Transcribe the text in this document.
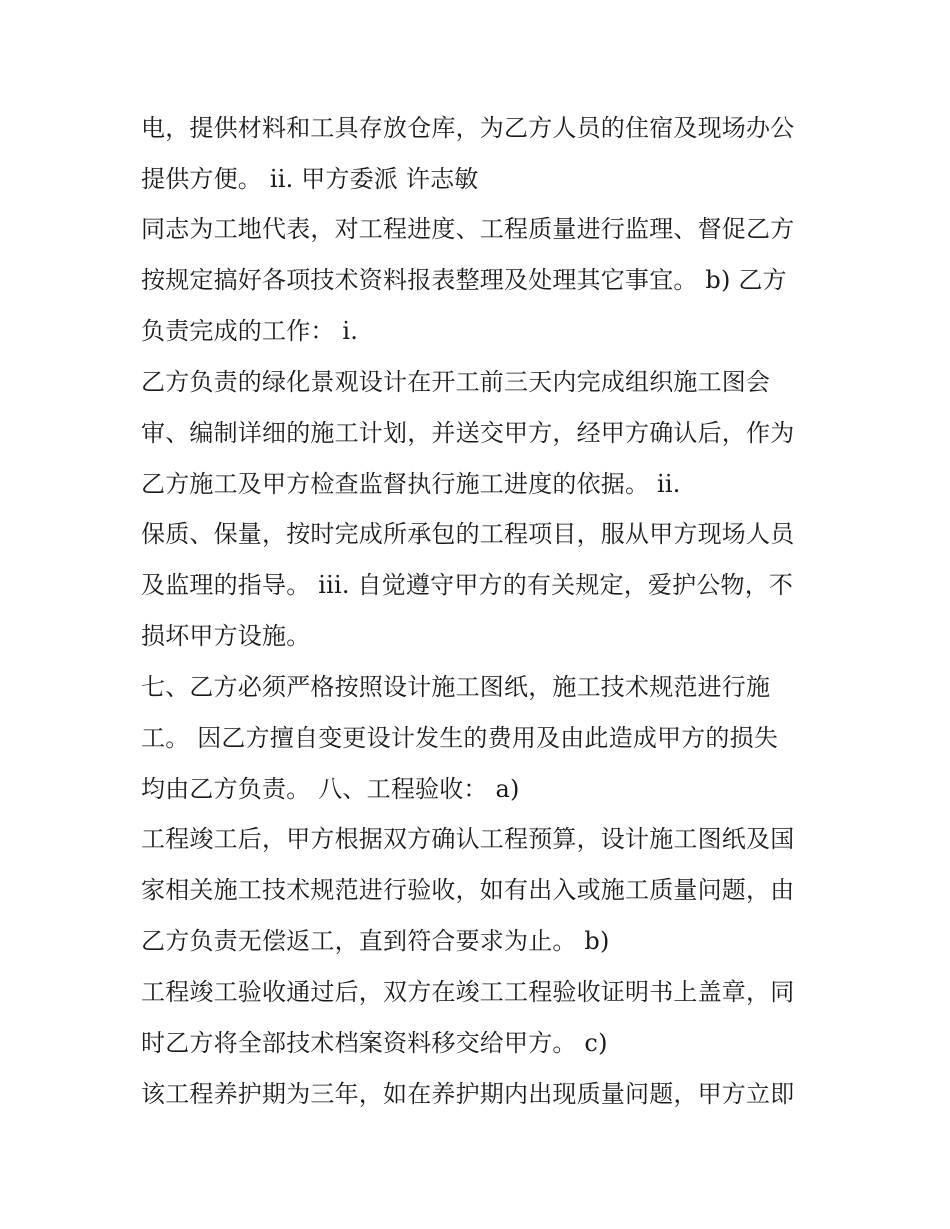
电，提供材料和工具存放仓库，为乙方人员的住宿及现场办公
提供方便。 ii. 甲方委派 许志敏
同志为工地代表，对工程进度、工程质量进行监理、督促乙方
按规定搞好各项技术资料报表整理及处理其它事宜。 b) 乙方
负责完成的工作： i.
乙方负责的绿化景观设计在开工前三天内完成组织施工图会
审、编制详细的施工计划，并送交甲方，经甲方确认后，作为
乙方施工及甲方检查监督执行施工进度的依据。 ii.
保质、保量，按时完成所承包的工程项目，服从甲方现场人员
及监理的指导。 iii. 自觉遵守甲方的有关规定，爱护公物，不
损坏甲方设施。
七、乙方必须严格按照设计施工图纸，施工技术规范进行施
工。 因乙方擅自变更设计发生的费用及由此造成甲方的损失
均由乙方负责。 八、工程验收： a)
工程竣工后，甲方根据双方确认工程预算，设计施工图纸及国
家相关施工技术规范进行验收，如有出入或施工质量问题，由
乙方负责无偿返工，直到符合要求为止。 b)
工程竣工验收通过后，双方在竣工工程验收证明书上盖章，同
时乙方将全部技术档案资料移交给甲方。 c)
该工程养护期为三年，如在养护期内出现质量问题，甲方立即
